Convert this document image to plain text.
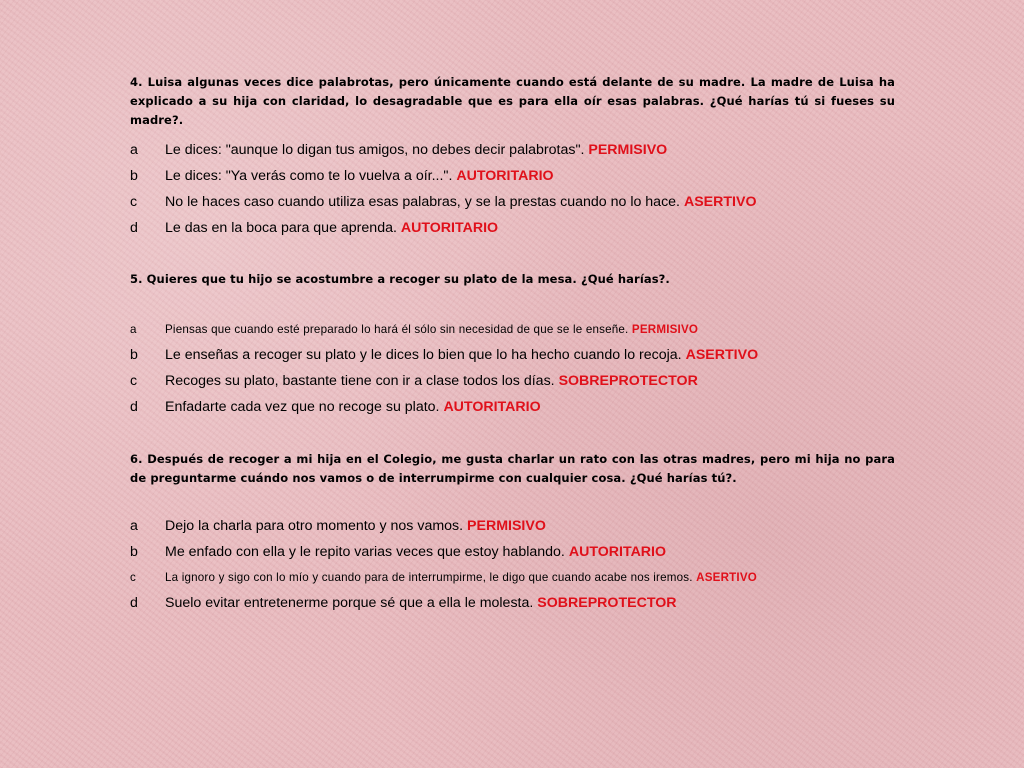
4. Luisa algunas veces dice palabrotas, pero únicamente cuando está delante de su madre. La madre de Luisa ha explicado a su hija con claridad, lo desagradable que es para ella oír esas palabras. ¿Qué harías tú si fueses su madre?.
a Le dices: "aunque lo digan tus amigos, no debes decir palabrotas". PERMISIVO
b Le dices: "Ya verás como te lo vuelva a oír...". AUTORITARIO
c No le haces caso cuando utiliza esas palabras, y se la prestas cuando no lo hace. ASERTIVO
d Le das en la boca para que aprenda. AUTORITARIO
5. Quieres que tu hijo se acostumbre a recoger su plato de la mesa. ¿Qué harías?.
a Piensas que cuando esté preparado lo hará él sólo sin necesidad de que se le enseñe. PERMISIVO
b Le enseñas a recoger su plato y le dices lo bien que lo ha hecho cuando lo recoja. ASERTIVO
c Recoges su plato, bastante tiene con ir a clase todos los días. SOBREPROTECTOR
d Enfadarte cada vez que no recoge su plato. AUTORITARIO
6. Después de recoger a mi hija en el Colegio, me gusta charlar un rato con las otras madres, pero mi hija no para de preguntarme cuándo nos vamos o de interrumpirme con cualquier cosa. ¿Qué harías tú?.
a Dejo la charla para otro momento y nos vamos. PERMISIVO
b Me enfado con ella y le repito varias veces que estoy hablando. AUTORITARIO
c	La ignoro y sigo con lo mío y cuando para de interrumpirme, le digo que cuando acabe nos iremos. ASERTIVO
d Suelo evitar entretenerme porque sé que a ella le molesta. SOBREPROTECTOR
